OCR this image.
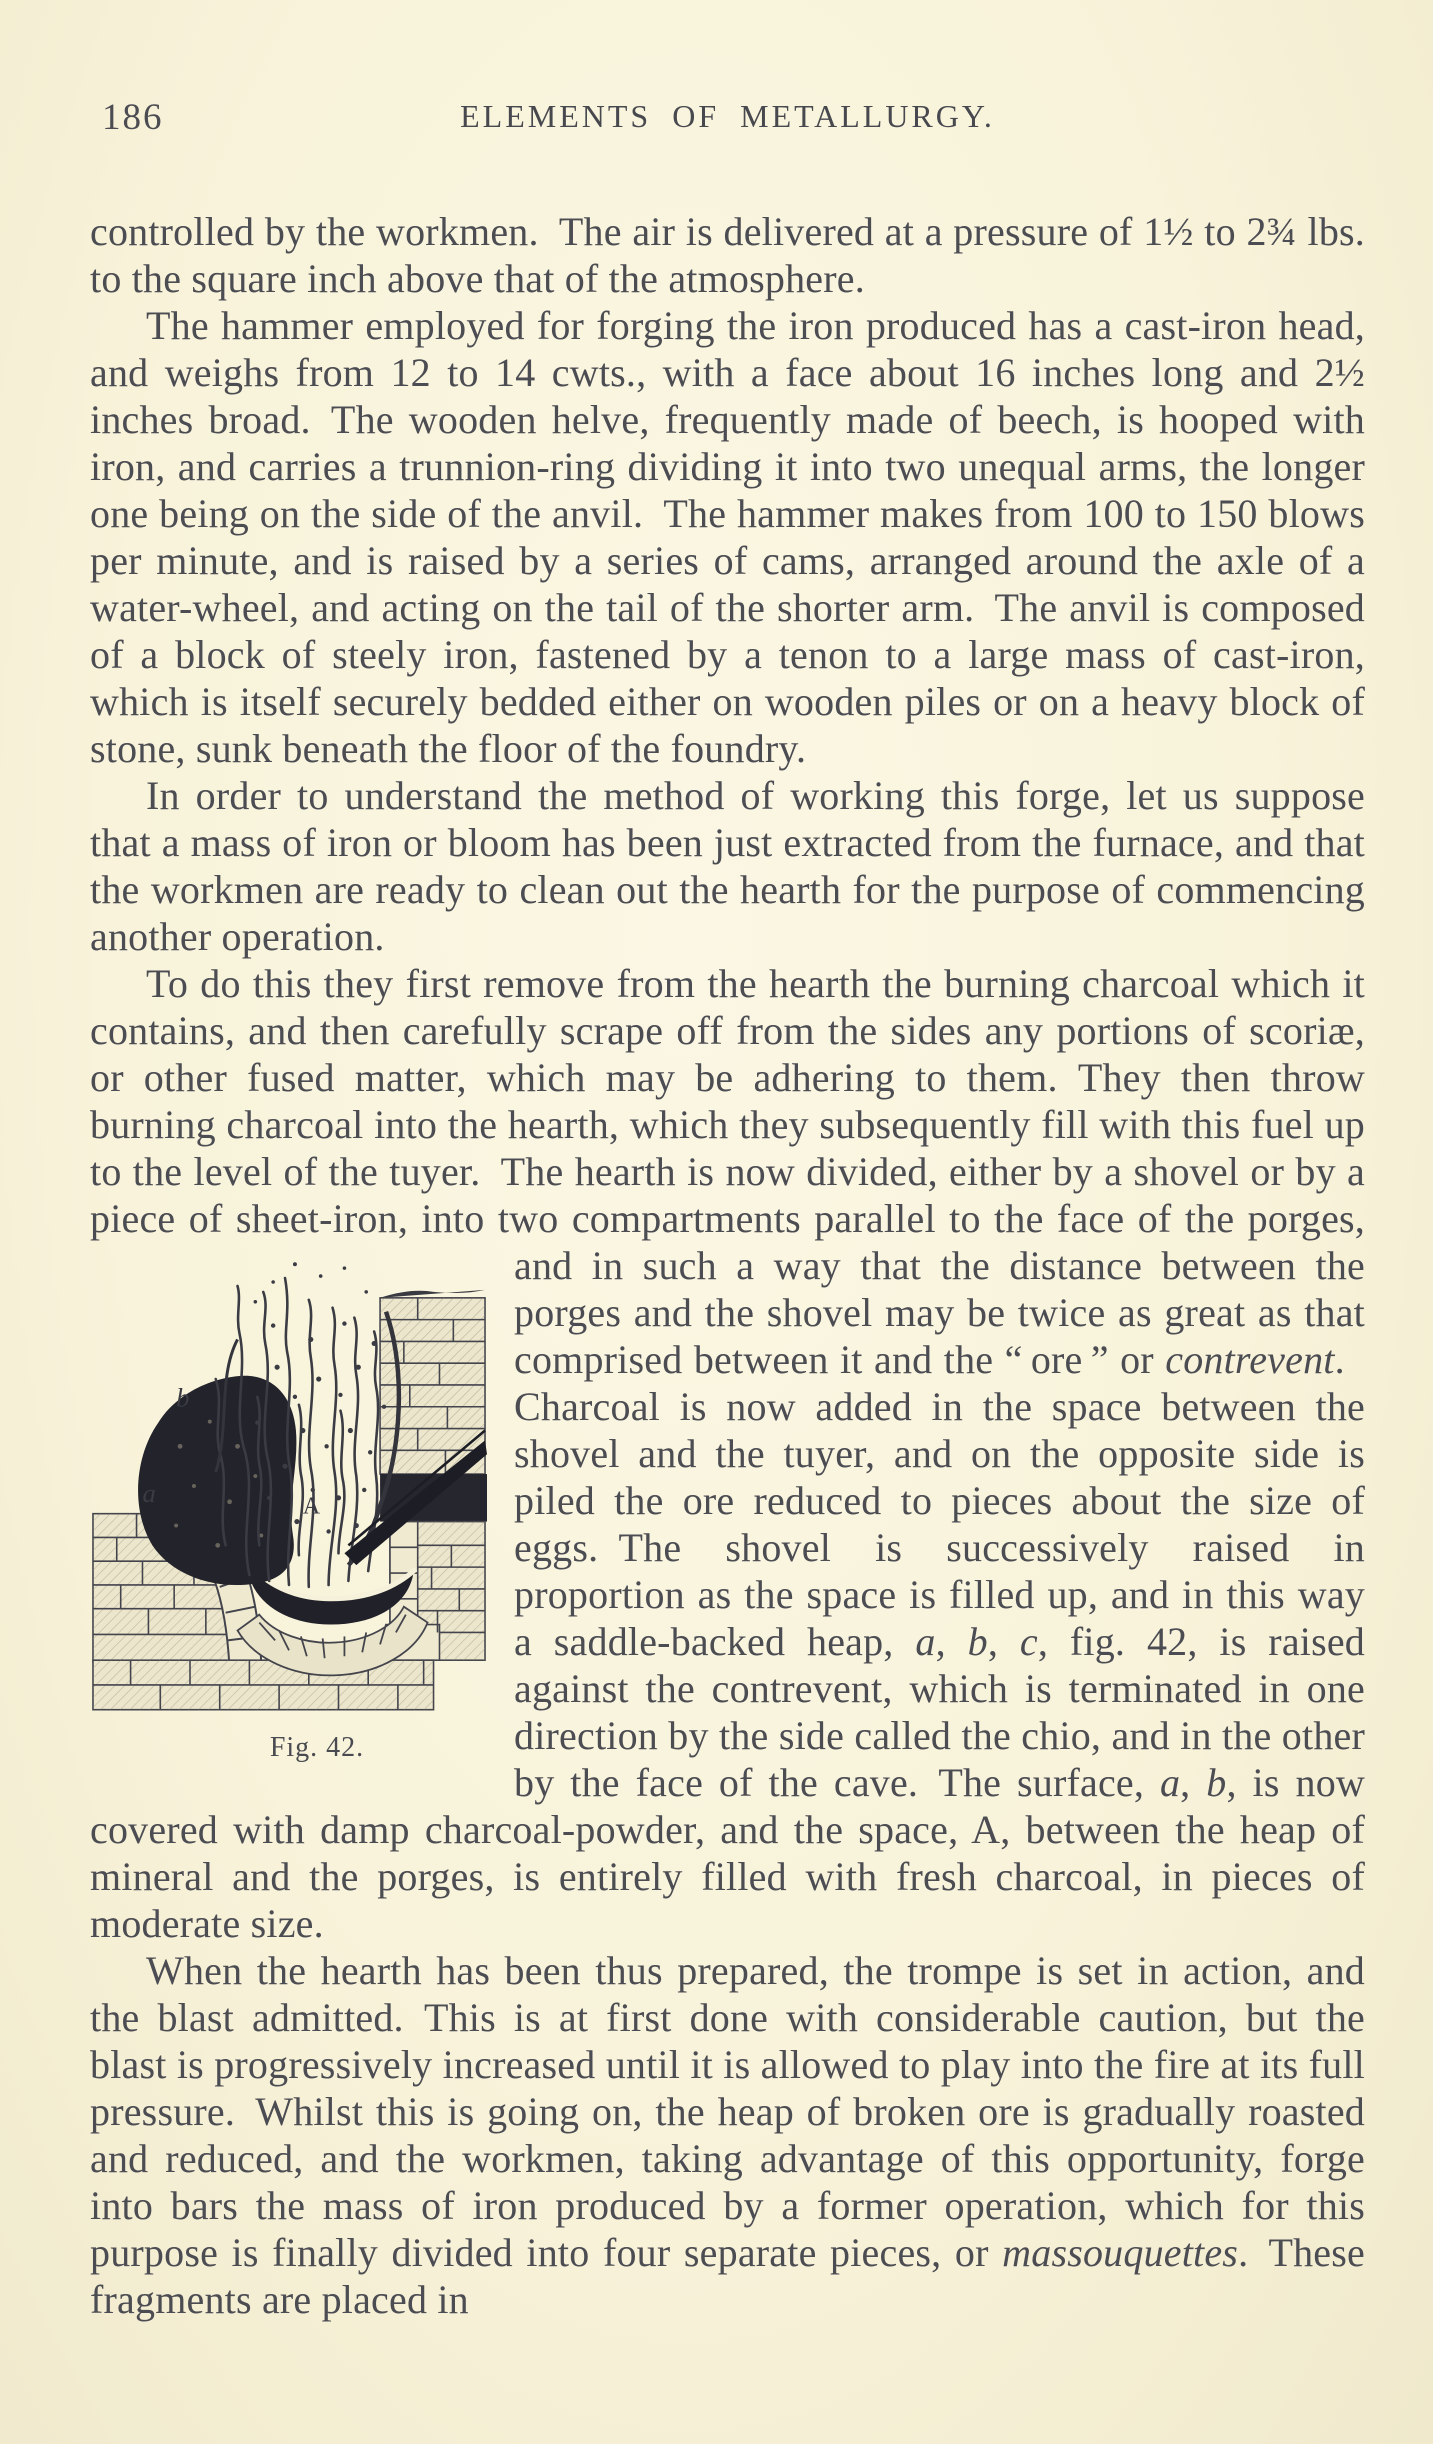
186	ELEMENTS OF METALLURGY.

controlled by the workmen. The air is delivered at a pressure of 1½ to 2¾ lbs. to the square inch above that of the atmosphere.

The hammer employed for forging the iron produced has a cast-iron head, and weighs from 12 to 14 cwts., with a face about 16 inches long and 2½ inches broad. The wooden helve, frequently made of beech, is hooped with iron, and carries a trunnion-ring dividing it into two unequal arms, the longer one being on the side of the anvil. The hammer makes from 100 to 150 blows per minute, and is raised by a series of cams, arranged around the axle of a water-wheel, and acting on the tail of the shorter arm. The anvil is composed of a block of steely iron, fastened by a tenon to a large mass of cast-iron, which is itself securely bedded either on wooden piles or on a heavy block of stone, sunk beneath the floor of the foundry.

In order to understand the method of working this forge, let us suppose that a mass of iron or bloom has been just extracted from the furnace, and that the workmen are ready to clean out the hearth for the purpose of commencing another operation.

To do this they first remove from the hearth the burning charcoal which it contains, and then carefully scrape off from the sides any portions of scoriæ, or other fused matter, which may be adhering to them. They then throw burning charcoal into the hearth, which they subsequently fill with this fuel up to the level of the tuyer. The hearth is now divided, either by a shovel or by a piece of sheet-iron, into two compartments parallel to the face of the porges, and in such a way that
b
a	A
Fig. 42.
the distance between the porges and the shovel may be twice as great as that comprised between it and the “ ore ” or contrevent. Charcoal is now added in the space between the shovel and the tuyer, and on the opposite side is piled the ore reduced to pieces about the size of eggs. The shovel is successively raised in proportion as the space is filled up, and in this way a saddle-backed heap, a, b, c, fig. 42, is raised against the contrevent, which is terminated in one direction by the side called the chio, and in the other by the face of the cave. The surface, a, b, is now covered with damp charcoal-powder, and the space, A, between the heap of mineral and the porges, is entirely filled with fresh charcoal, in pieces of moderate size.

When the hearth has been thus prepared, the trompe is set in action, and the blast admitted. This is at first done with considerable caution, but the blast is progressively increased until it is allowed to play into the fire at its full pressure. Whilst this is going on, the heap of broken ore is gradually roasted and reduced, and the workmen, taking advantage of this opportunity, forge into bars the mass of iron produced by a former operation, which for this purpose is finally divided into four separate pieces, or massouquettes. These fragments are placed in
